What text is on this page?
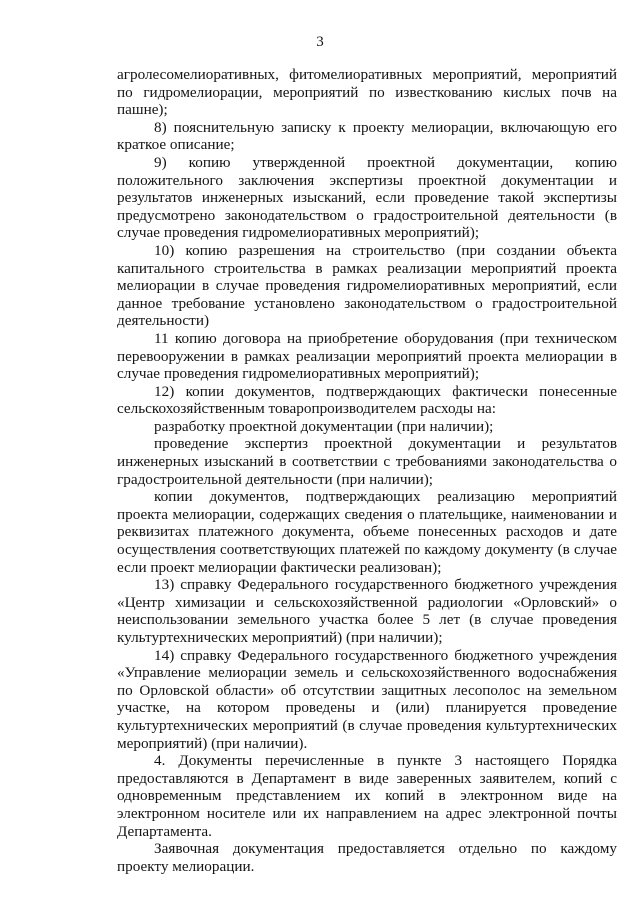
3

агролесомелиоративных, фитомелиоративных мероприятий, мероприятий по гидромелиорации, мероприятий по известкованию кислых почв на пашне);

8) пояснительную записку к проекту мелиорации, включающую его краткое описание;

9) копию утвержденной проектной документации, копию положительного заключения экспертизы проектной документации и результатов инженерных изысканий, если проведение такой экспертизы предусмотрено законодательством о градостроительной деятельности (в случае проведения гидромелиоративных мероприятий);

10) копию разрешения на строительство (при создании объекта капитального строительства в рамках реализации мероприятий проекта мелиорации в случае проведения гидромелиоративных мероприятий, если данное требование установлено законодательством о градостроительной деятельности)

11 копию договора на приобретение оборудования (при техническом перевооружении в рамках реализации мероприятий проекта мелиорации в случае проведения гидромелиоративных мероприятий);

12) копии документов, подтверждающих фактически понесенные сельскохозяйственным товаропроизводителем расходы на:

разработку проектной документации (при наличии);

проведение экспертиз проектной документации и результатов инженерных изысканий в соответствии с требованиями законодательства о градостроительной деятельности (при наличии);

копии документов, подтверждающих реализацию мероприятий проекта мелиорации, содержащих сведения о плательщике, наименовании и реквизитах платежного документа, объеме понесенных расходов и дате осуществления соответствующих платежей по каждому документу (в случае если проект мелиорации фактически реализован);

13) справку Федерального государственного бюджетного учреждения «Центр химизации и сельскохозяйственной радиологии «Орловский» о неиспользовании земельного участка более 5 лет (в случае проведения культуртехнических мероприятий) (при наличии);

14) справку Федерального государственного бюджетного учреждения «Управление мелиорации земель и сельскохозяйственного водоснабжения по Орловской области» об отсутствии защитных лесополос на земельном участке, на котором проведены и (или) планируется проведение культуртехнических мероприятий (в случае проведения культуртехнических мероприятий) (при наличии).

4. Документы перечисленные в пункте 3 настоящего Порядка предоставляются в Департамент в виде заверенных заявителем, копий с одновременным представлением их копий в электронном виде на электронном носителе или их направлением на адрес электронной почты Департамента.

Заявочная документация предоставляется отдельно по каждому проекту мелиорации.
